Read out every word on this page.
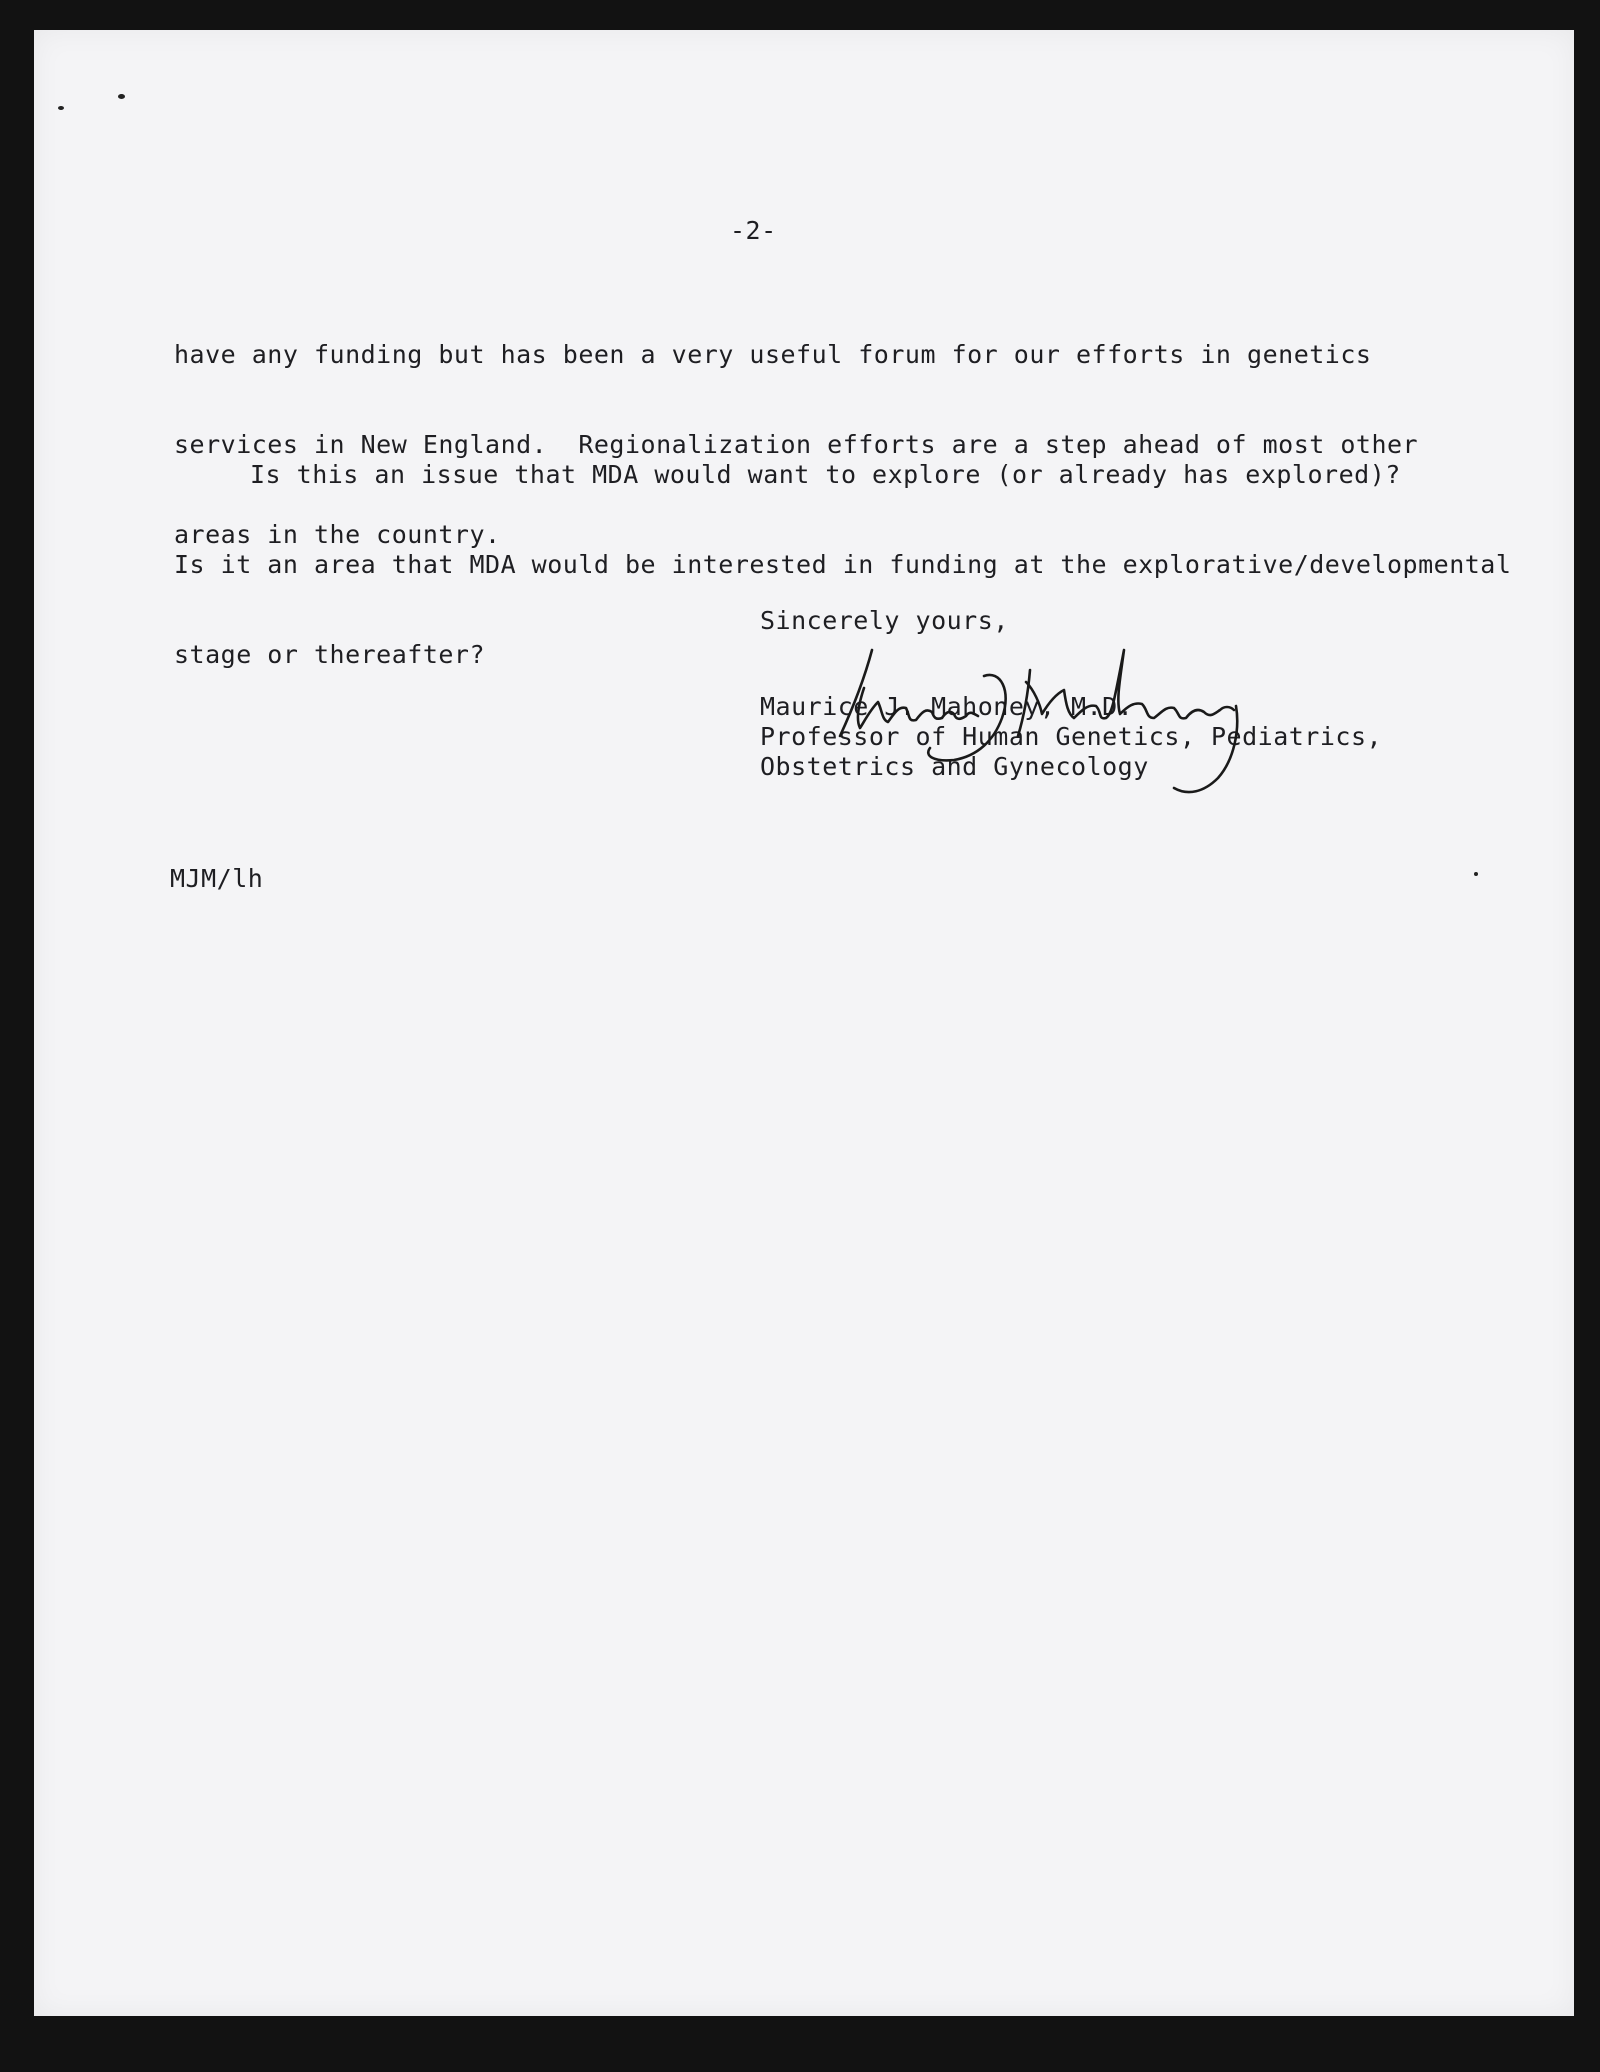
-2-

have any funding but has been a very useful forum for our efforts in genetics

services in New England.  Regionalization efforts are a step ahead of most other

areas in the country.

Is this an issue that MDA would want to explore (or already has explored)?

Is it an area that MDA would be interested in funding at the explorative/developmental

stage or thereafter?

Sincerely yours,
Maurice J. Mahoney, M.D.
Professor of Human Genetics, Pediatrics,
Obstetrics and Gynecology

MJM/lh
